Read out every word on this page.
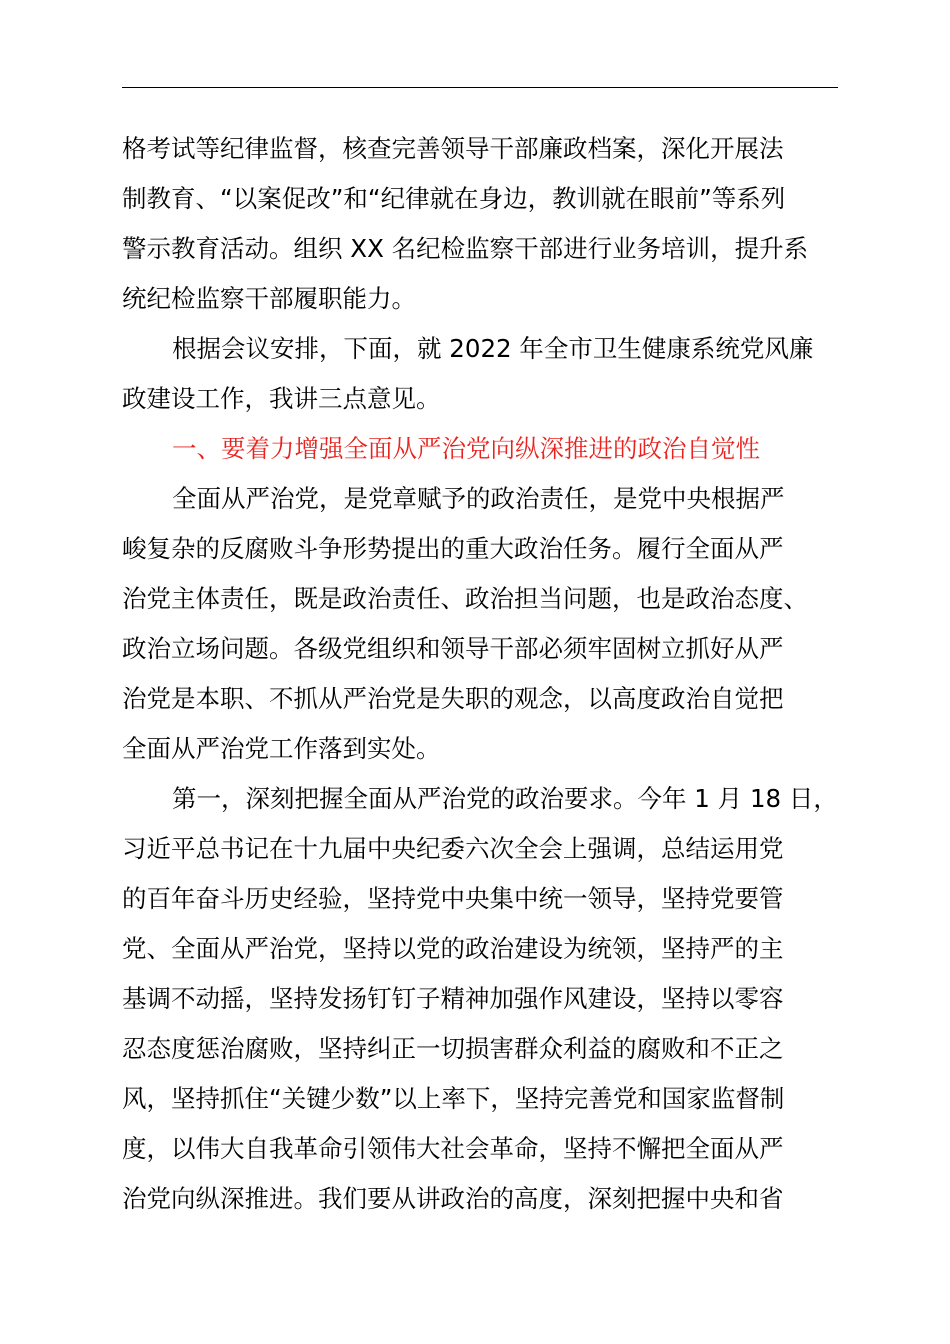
格考试等纪律监督，核查完善领导干部廉政档案，深化开展法
制教育、“以案促改”和“纪律就在身边，教训就在眼前”等系列
警示教育活动。组织 XX 名纪检监察干部进行业务培训，提升系
统纪检监察干部履职能力。
根据会议安排，下面，就 2022 年全市卫生健康系统党风廉
政建设工作，我讲三点意见。
一、要着力增强全面从严治党向纵深推进的政治自觉性
全面从严治党，是党章赋予的政治责任，是党中央根据严
峻复杂的反腐败斗争形势提出的重大政治任务。履行全面从严
治党主体责任，既是政治责任、政治担当问题，也是政治态度、
政治立场问题。各级党组织和领导干部必须牢固树立抓好从严
治党是本职、不抓从严治党是失职的观念，以高度政治自觉把
全面从严治党工作落到实处。
第一，深刻把握全面从严治党的政治要求。今年 1 月 18 日，
习近平总书记在十九届中央纪委六次全会上强调，总结运用党
的百年奋斗历史经验，坚持党中央集中统一领导，坚持党要管
党、全面从严治党，坚持以党的政治建设为统领，坚持严的主
基调不动摇，坚持发扬钉钉子精神加强作风建设，坚持以零容
忍态度惩治腐败，坚持纠正一切损害群众利益的腐败和不正之
风，坚持抓住“关键少数”以上率下，坚持完善党和国家监督制
度，以伟大自我革命引领伟大社会革命，坚持不懈把全面从严
治党向纵深推进。我们要从讲政治的高度，深刻把握中央和省
